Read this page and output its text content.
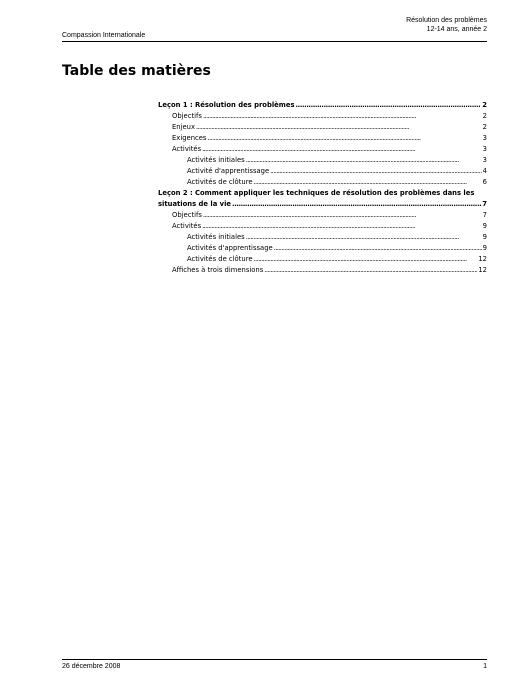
Compassion Internationale
Résolution des problèmes
12-14 ans, année 2
Table des matières
Leçon 1 : Résolution des problèmes . . .	2
Objectifs . . .	2
Enjeux . . .	2
Exigences . . .	3
Activités . . .	3
Activités initiales . . .	3
Activité d'apprentissage . . .	4
Activités de clôture . . .	6
Leçon 2 : Comment appliquer les techniques de résolution des problèmes dans les
situations de la vie . . .	7
Objectifs . . .	7
Activités . . .	9
Activités initiales . . .	9
Activités d'apprentissage . . .	9
Activités de clôture . . .	12
Affiches à trois dimensions . . .	12
26 décembre 2008	1
